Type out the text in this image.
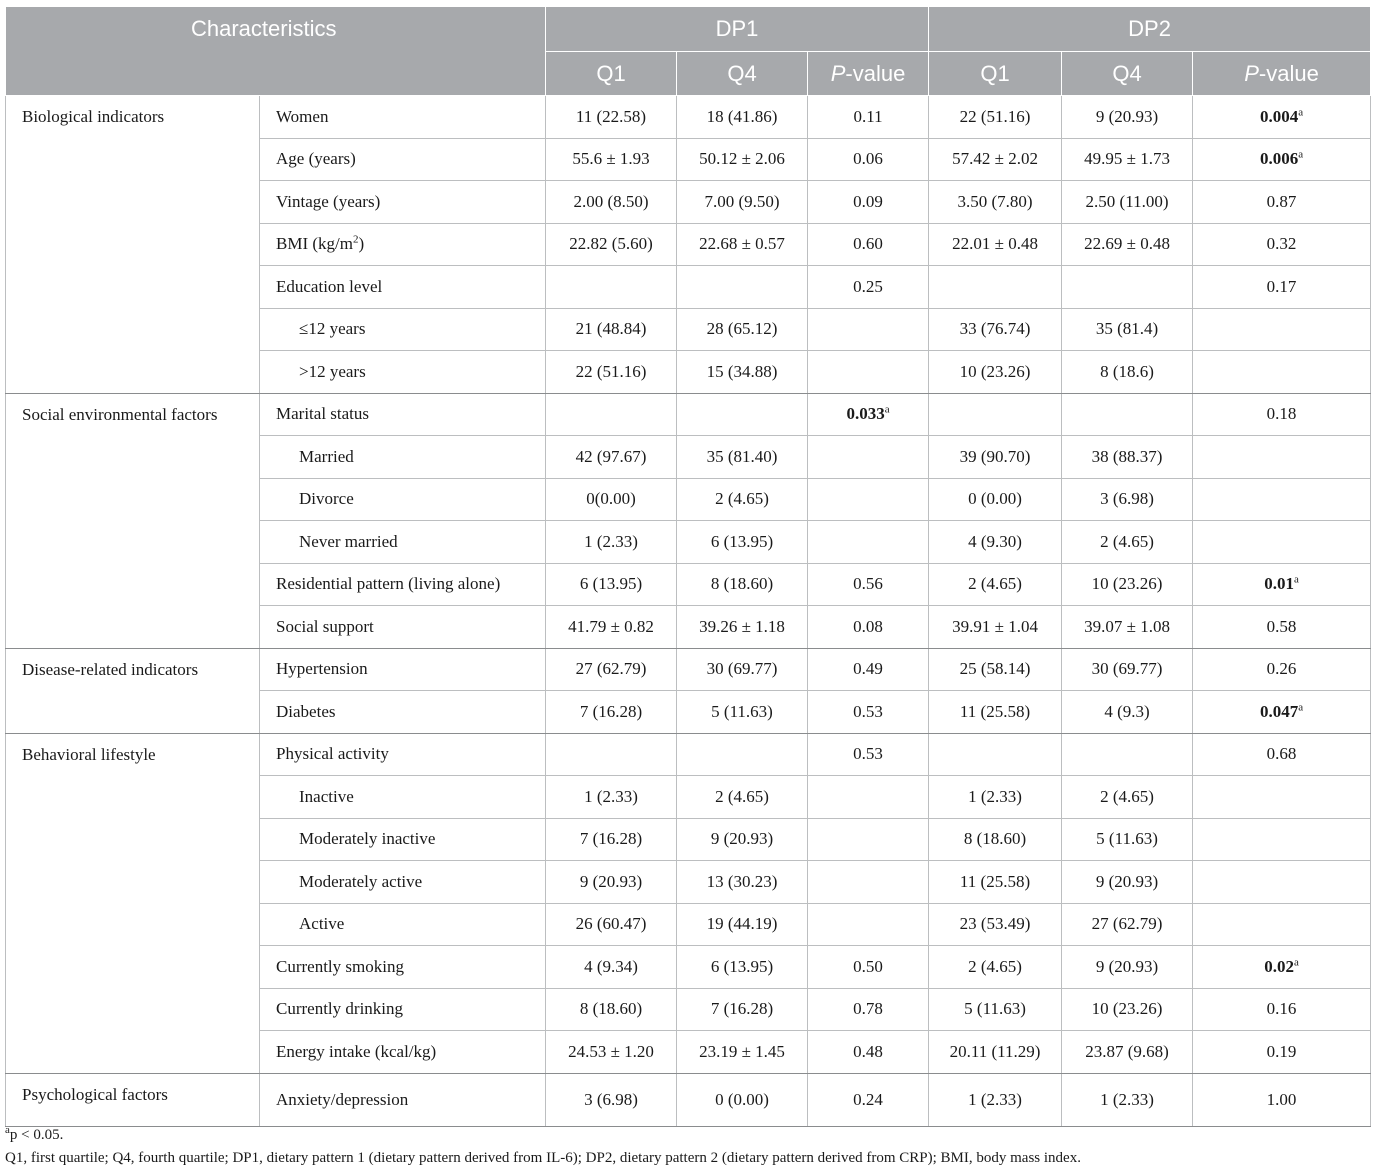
Characteristics		DP1			DP2		
		Q1	Q4	P-value	Q1	Q4	P-value
Biological indicators	Women	11 (22.58)	18 (41.86)	0.11	22 (51.16)	9 (20.93)	0.004$^a$
	Age (years)	55.6 ± 1.93	50.12 ± 2.06	0.06	57.42 ± 2.02	49.95 ± 1.73	0.006$^a$
	Vintage (years)	2.00 (8.50)	7.00 (9.50)	0.09	3.50 (7.80)	2.50 (11.00)	0.87
	BMI $(kg/m^2)$	22.82 (5.60)	22.68 ± 0.57	0.60	22.01 ± 0.48	22.69 ± 0.48	0.32
	Education level			0.25			0.17
	≤12 years	21 (48.84)	28 (65.12)		33 (76.74)	35 (81.4)	
	>12 years	22 (51.16)	15 (34.88)		10 (23.26)	8 (18.6)	
Social environmental factors	Marital status			0.033$^a$			0.18
	Married	42 (97.67)	35 (81.40)		39 (90.70)	38 (88.37)	
	Divorce	0(0.00)	2 (4.65)		0 (0.00)	3 (6.98)	
	Never married	1 (2.33)	6 (13.95)		4 (9.30)	2 (4.65)	
	Residential pattern (living alone)	6 (13.95)	8 (18.60)	0.56	2 (4.65)	10 (23.26)	0.01$^a$
	Social support	41.79 ± 0.82	39.26 ± 1.18	0.08	39.91 ± 1.04	39.07 ± 1.08	0.58
Disease-related indicators	Hypertension	27 (62.79)	30 (69.77)	0.49	25 (58.14)	30 (69.77)	0.26
	Diabetes	7 (16.28)	5 (11.63)	0.53	11 (25.58)	4 (9.3)	0.047$^a$
Behavioral lifestyle	Physical activity			0.53			0.68
	Inactive	1 (2.33)	2 (4.65)		1 (2.33)	2 (4.65)	
	Moderately inactive	7 (16.28)	9 (20.93)		8 (18.60)	5 (11.63)	
	Moderately active	9 (20.93)	13 (30.23)		11 (25.58)	9 (20.93)	
	Active	26 (60.47)	19 (44.19)		23 (53.49)	27 (62.79)	
	Currently smoking	4 (9.34)	6 (13.95)	0.50	2 (4.65)	9 (20.93)	0.02$^a$
	Currently drinking	8 (18.60)	7 (16.28)	0.78	5 (11.63)	10 (23.26)	0.16
	Energy intake (kcal/kg)	24.53 ± 1.20	23.19 ± 1.45	0.48	20.11 (11.29)	23.87 (9.68)	0.19
Psychological factors	Anxiety/depression	3 (6.98)	0 (0.00)	0.24	1 (2.33)	1 (2.33)	1.00
$^a$p < 0.05.
Q1, first quartile; Q4, fourth quartile; DP1, dietary pattern 1 (dietary pattern derived from IL-6); DP2, dietary pattern 2 (dietary pattern derived from CRP); BMI, body mass index.
